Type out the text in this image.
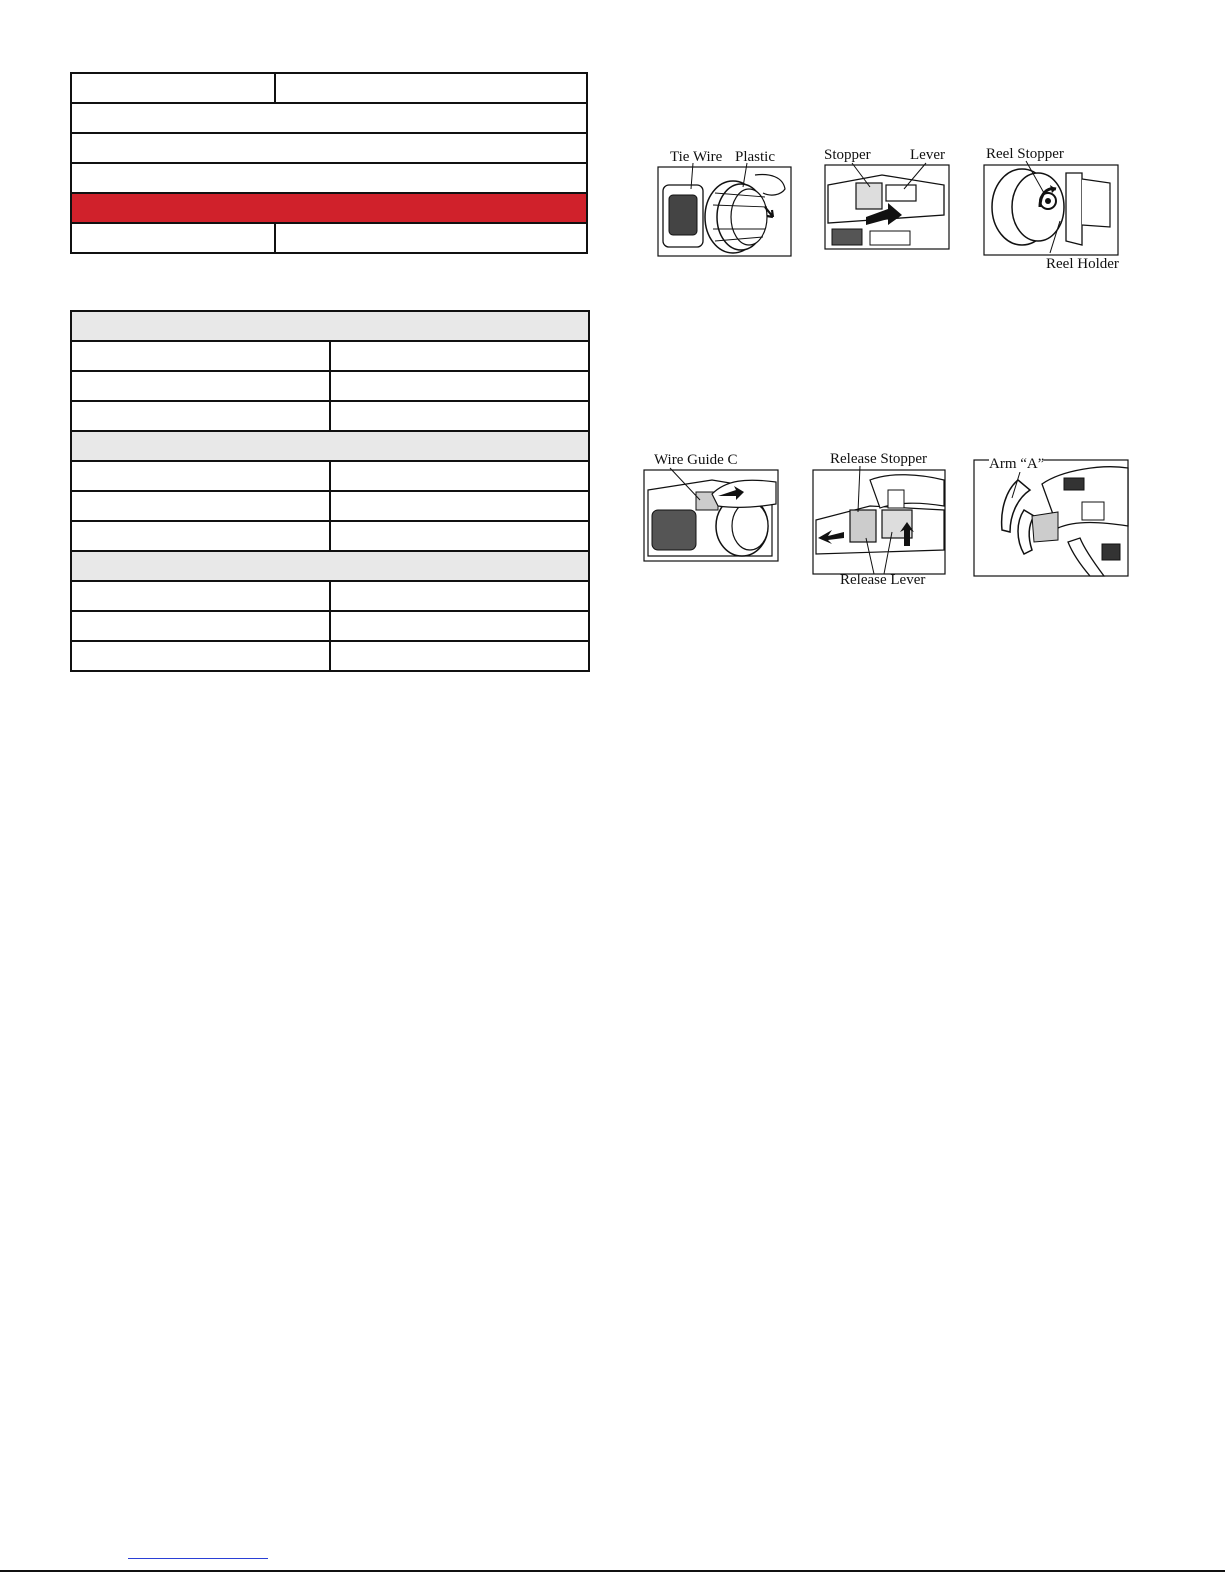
Tie Wire Plastic	Stopper	Lever	Reel Stopper
Reel Holder
Wire Guide C	Release Stopper
Release Lever
Arm “A”
